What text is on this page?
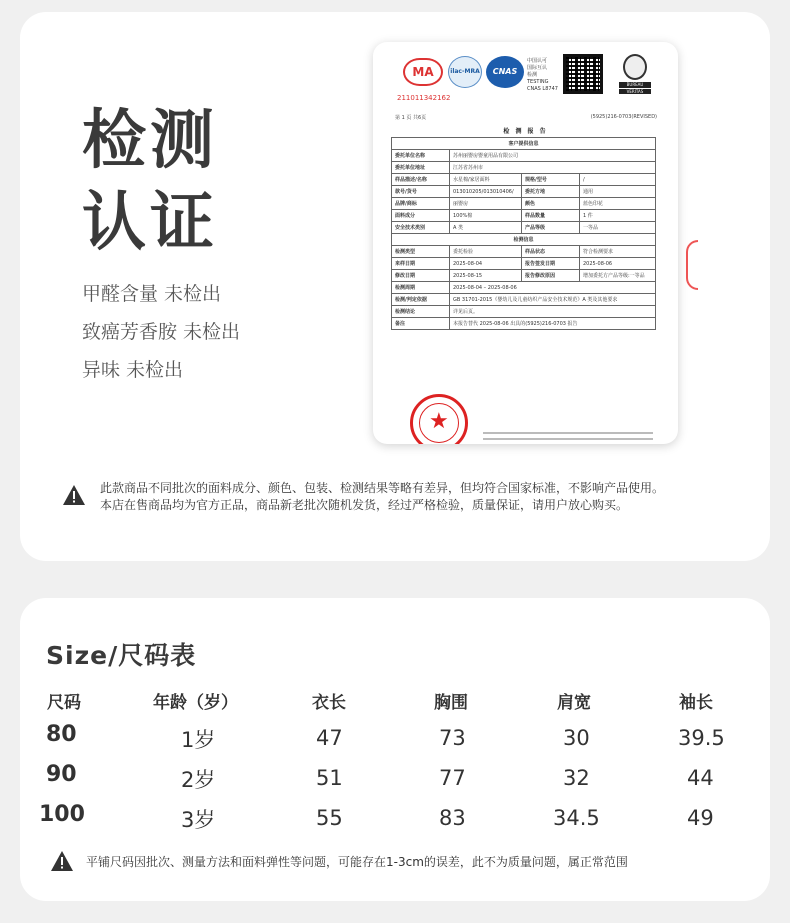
检测
认证
甲醛含量 未检出
致癌芳香胺 未检出
异味 未检出
MA
211011342162
ilac-MRA	CNAS
中国认可
国际互认
检测
TESTING
CNAS L8747
BUREAU
VERITAS
第 1 页 共6页	(5925)216-0703(REVISED)
检 测 报 告
客户提供信息
委托单位名称	苏州丽婴房婴童用品有限公司
委托单位地址	江苏省苏州市
样品描述/名称	水星棉/家居面料	规格/型号	/
款号/货号	013010205/013010406/	委托方地	通用
品牌/商标	丽婴房	颜色	蓝色印花
面料成分	100%棉	样品数量	1 件
安全技术类别	A 类	产品等级	一等品
检测信息
检测类型	委托检验	样品状态	符合检测要求
来样日期	2025-08-04	报告签发日期	2025-08-06
修改日期	2025-08-15	报告修改原因	增加委托方产品等级:一等品
检测周期	2025-08-04 – 2025-08-06
检测/判定依据	GB 31701-2015《婴幼儿及儿童纺织产品安全技术规范》A 类及其他要求
检测结论	详见后页。
备注	本报告替代 2025-08-06 出具的(5925)216-0703 报告
★
此款商品不同批次的面料成分、颜色、包装、检测结果等略有差异，但均符合国家标准，不影响产品使用。
本店在售商品均为官方正品，商品新老批次随机发货，经过严格检验，质量保证，请用户放心购买。
Size/尺码表
尺码	年龄（岁）	衣长	胸围	肩宽	袖长
80	1岁	47	73	30	39.5
90	2岁	51	77	32	44
100	3岁	55	83	34.5	49
平铺尺码因批次、测量方法和面料弹性等问题，可能存在1-3cm的误差，此不为质量问题，属正常范围
